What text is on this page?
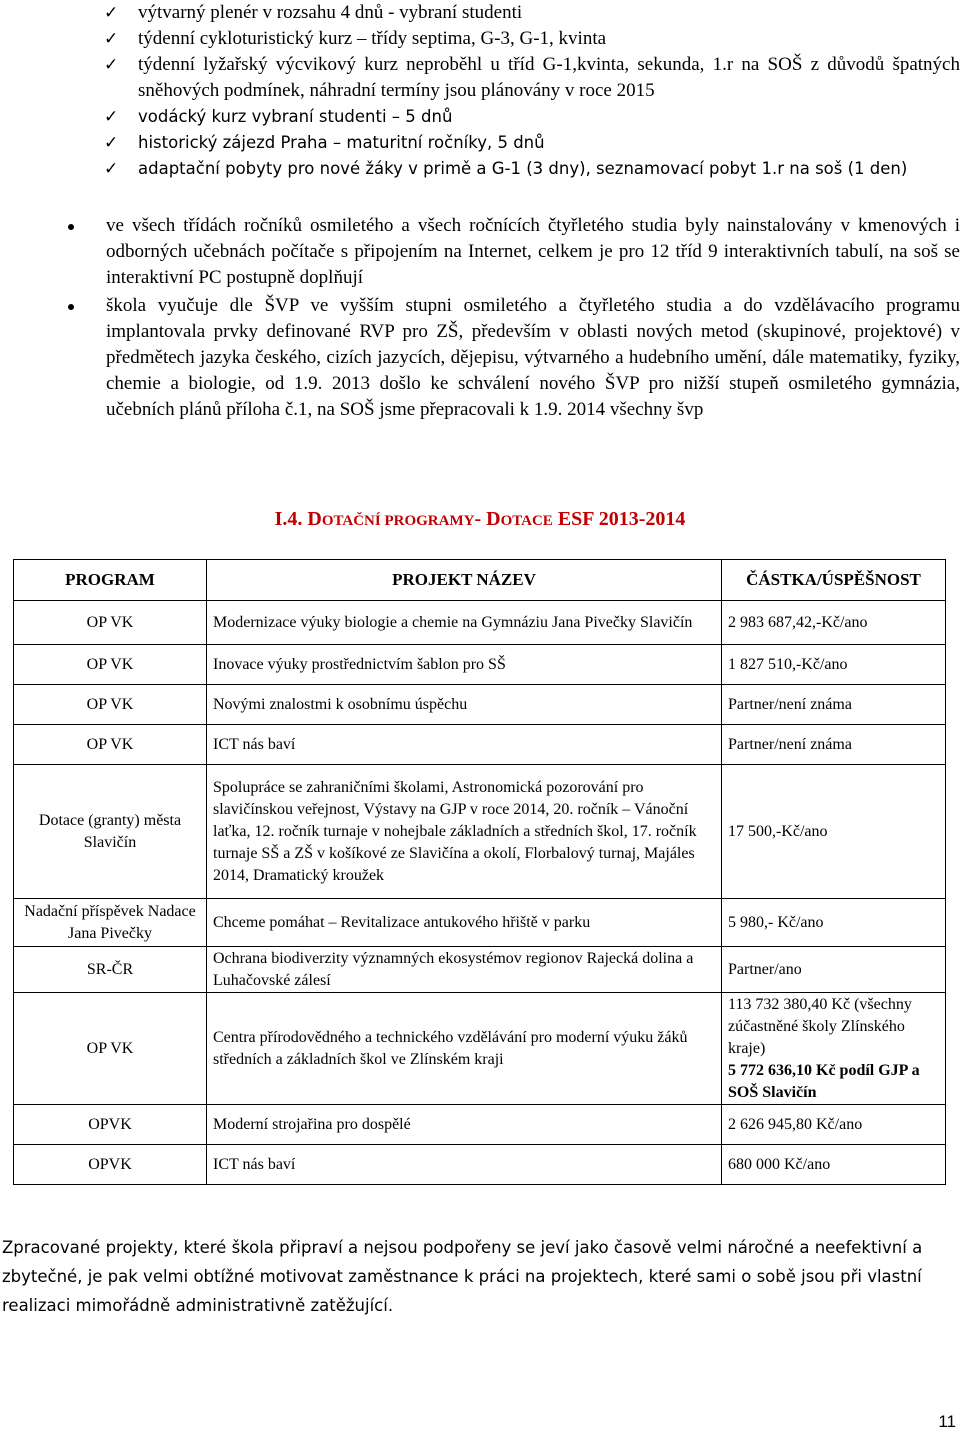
✓ výtvarný plenér v rozsahu 4 dnů - vybraní studenti
✓ týdenní cykloturistický kurz – třídy septima, G-3, G-1, kvinta
✓ týdenní lyžařský výcvikový kurz neproběhl u tříd G-1,kvinta, sekunda, 1.r na SOŠ z důvodů špatných sněhových podmínek, náhradní termíny jsou plánovány v roce 2015
✓ vodácký kurz vybraní studenti – 5 dnů
✓ historický zájezd Praha – maturitní ročníky, 5 dnů
✓ adaptační pobyty pro nové žáky v primě a G-1 (3 dny), seznamovací pobyt 1.r na soš (1 den)
ve všech třídách ročníků osmiletého a všech ročnících čtyřletého studia byly nainstalovány v kmenových i odborných učebnách počítače s připojením na Internet, celkem je pro 12 tříd 9 interaktivních tabulí, na soš se interaktivní PC postupně doplňují
škola vyučuje dle ŠVP ve vyšším stupni osmiletého a čtyřletého studia a do vzdělávacího programu implantovala prvky definované RVP pro ZŠ, především v oblasti nových metod (skupinové, projektové) v předmětech jazyka českého, cizích jazycích, dějepisu, výtvarného a hudebního umění, dále matematiky, fyziky, chemie a biologie, od 1.9. 2013 došlo ke schválení nového ŠVP pro nižší stupeň osmiletého gymnázia, učebních plánů příloha č.1, na SOŠ jsme přepracovali k 1.9. 2014 všechny švp
I.4. DOTAČNÍ PROGRAMY- DOTACE ESF 2013-2014
PROGRAM	PROJEKT NÁZEV	ČÁSTKA/ÚSPĚŠNOST
OP VK	Modernizace výuky biologie a chemie na Gymnáziu Jana Pivečky Slavičín	2 983 687,42,-Kč/ano
OP VK	Inovace výuky prostřednictvím šablon pro SŠ	1 827 510,-Kč/ano
OP VK	Novými znalostmi k osobnímu úspěchu	Partner/není známa
OP VK	ICT nás baví	Partner/není známa
Dotace (granty) města Slavičín	Spolupráce se zahraničními školami, Astronomická pozorování pro slavičínskou veřejnost, Výstavy na GJP v roce 2014, 20. ročník – Vánoční laťka, 12. ročník turnaje v nohejbale základních a středních škol, 17. ročník turnaje SŠ a ZŠ v košíkové ze Slavičína a okolí, Florbalový turnaj, Majáles 2014, Dramatický kroužek	17 500,-Kč/ano
Nadační příspěvek Nadace Jana Pivečky	Chceme pomáhat – Revitalizace antukového hřiště v parku	5 980,- Kč/ano
SR-ČR	Ochrana biodiverzity významných ekosystémov regionov Rajecká dolina a Luhačovské zálesí	Partner/ano
OP VK	Centra přírodovědného a technického vzdělávání pro moderní výuku žáků středních a základních škol ve Zlínském kraji	113 732 380,40 Kč (všechny zúčastněné školy Zlínského kraje)
5 772 636,10 Kč podíl GJP a SOŠ Slavičín

OPVK	Moderní strojařina pro dospělé	2 626 945,80 Kč/ano
OPVK	ICT nás baví	680 000 Kč/ano
Zpracované projekty, které škola připraví a nejsou podpořeny se jeví jako časově velmi náročné a neefektivní a zbytečné, je pak velmi obtížné motivovat zaměstnance k práci na projektech, které sami o sobě jsou při vlastní realizaci mimořádně administrativně zatěžující.
11
